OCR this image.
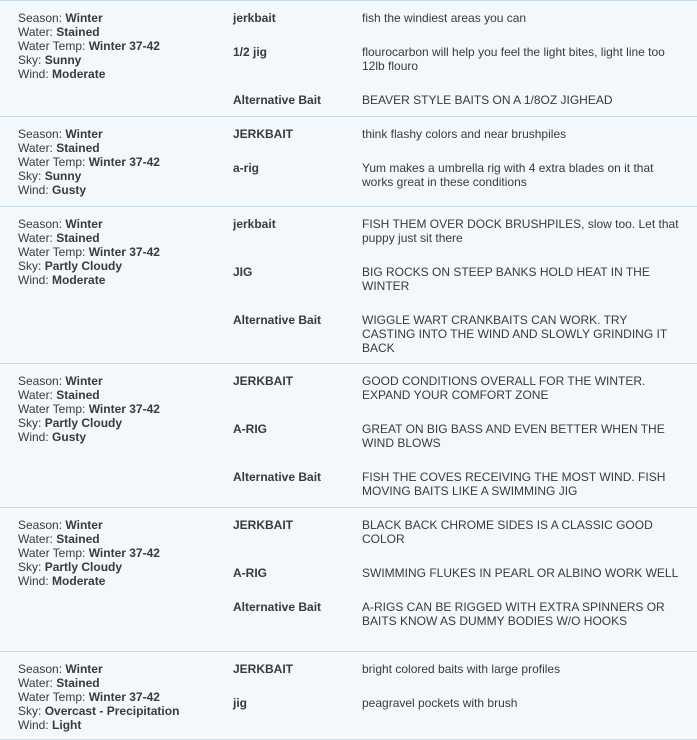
Season: Winter
Water: Stained
Water Temp: Winter 37-42
Sky: Sunny
Wind: Moderate
jerkbait	fish the windiest areas you can
1/2 jig	flourocarbon will help you feel the light bites, light line too 12lb flouro
Alternative Bait	BEAVER STYLE BAITS ON A 1/8OZ JIGHEAD
Season: Winter
Water: Stained
Water Temp: Winter 37-42
Sky: Sunny
Wind: Gusty
JERKBAIT	think flashy colors and near brushpiles
a-rig	Yum makes a umbrella rig with 4 extra blades on it that works great in these conditions
Season: Winter
Water: Stained
Water Temp: Winter 37-42
Sky: Partly Cloudy
Wind: Moderate
jerkbait	FISH THEM OVER DOCK BRUSHPILES, slow too. Let that puppy just sit there
JIG	BIG ROCKS ON STEEP BANKS HOLD HEAT IN THE WINTER
Alternative Bait	WIGGLE WART CRANKBAITS CAN WORK. TRY CASTING INTO THE WIND AND SLOWLY GRINDING IT BACK
Season: Winter
Water: Stained
Water Temp: Winter 37-42
Sky: Partly Cloudy
Wind: Gusty
JERKBAIT	GOOD CONDITIONS OVERALL FOR THE WINTER. EXPAND YOUR COMFORT ZONE
A-RIG	GREAT ON BIG BASS AND EVEN BETTER WHEN THE WIND BLOWS
Alternative Bait	FISH THE COVES RECEIVING THE MOST WIND. FISH MOVING BAITS LIKE A SWIMMING JIG
Season: Winter
Water: Stained
Water Temp: Winter 37-42
Sky: Partly Cloudy
Wind: Moderate
JERKBAIT	BLACK BACK CHROME SIDES IS A CLASSIC GOOD COLOR
A-RIG	SWIMMING FLUKES IN PEARL OR ALBINO WORK WELL
Alternative Bait	A-RIGS CAN BE RIGGED WITH EXTRA SPINNERS OR BAITS KNOW AS DUMMY BODIES W/O HOOKS
Season: Winter
Water: Stained
Water Temp: Winter 37-42
Sky: Overcast - Precipitation
Wind: Light
JERKBAIT	bright colored baits with large profiles
jig	peagravel pockets with brush
